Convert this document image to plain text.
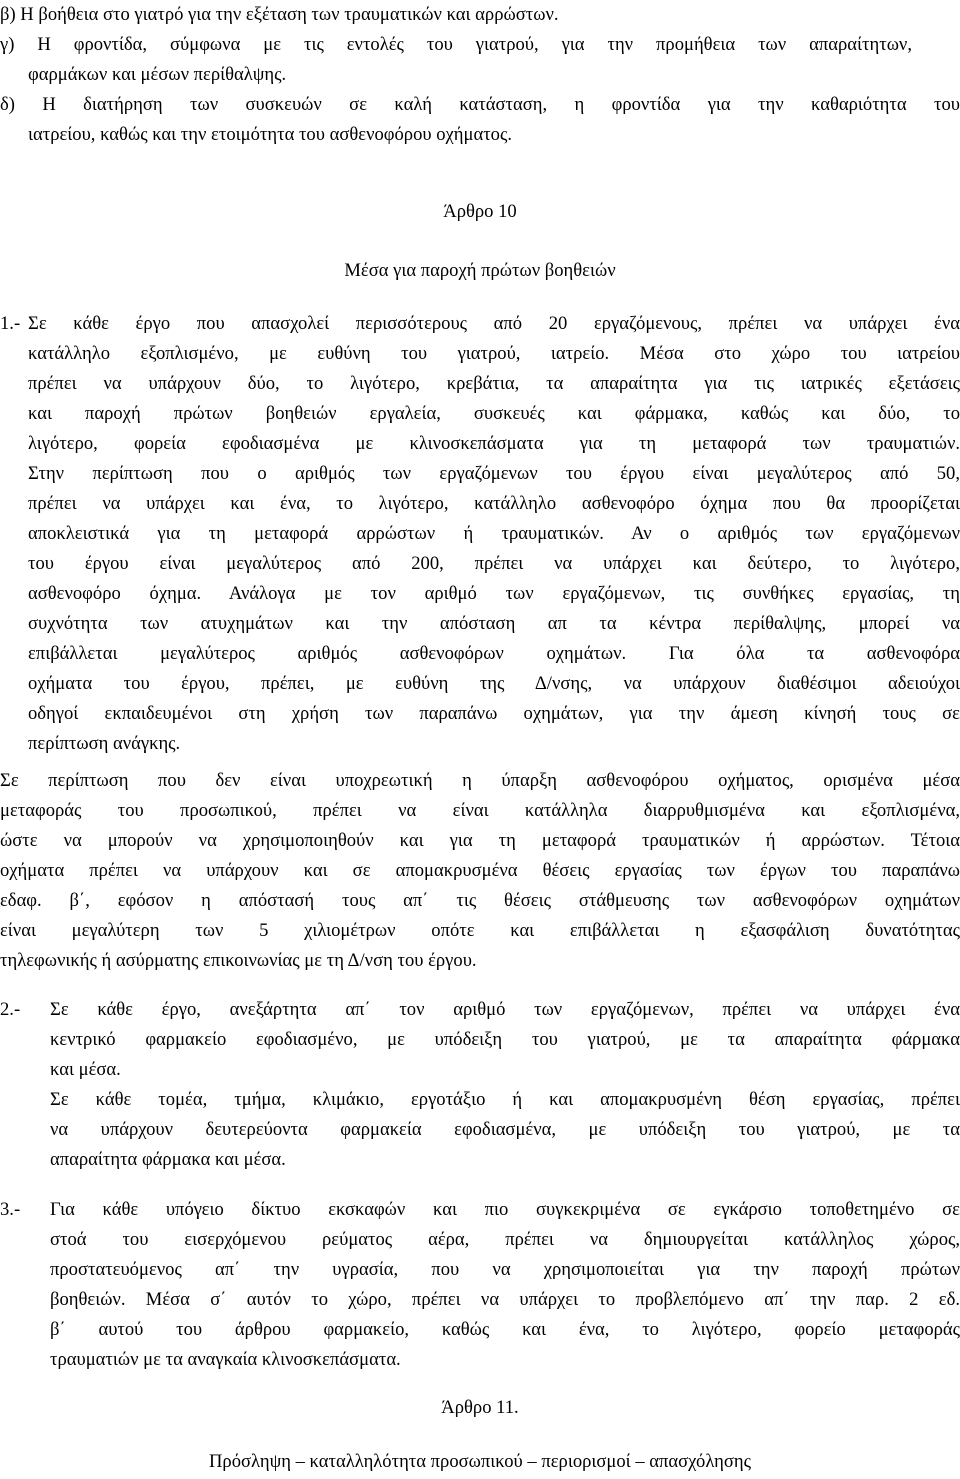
β) Η βοήθεια στο γιατρό για την εξέταση των τραυματικών και αρρώστων.
γ) Η φροντίδα, σύμφωνα με τις εντολές του γιατρού, για την προμήθεια των απαραίτητων,
φαρμάκων και μέσων περίθαλψης.
δ) Η διατήρηση των συσκευών σε καλή κατάσταση, η φροντίδα για την καθαριότητα του
ιατρείου, καθώς και την ετοιμότητα του ασθενοφόρου οχήματος.
Άρθρο 10
Μέσα για παροχή πρώτων βοηθειών
1.- Σε κάθε έργο που απασχολεί περισσότερους από 20 εργαζόμενους, πρέπει να υπάρχει ένα
κατάλληλο εξοπλισμένο, με ευθύνη του γιατρού, ιατρείο. Μέσα στο χώρο του ιατρείου
πρέπει να υπάρχουν δύο, το λιγότερο, κρεβάτια, τα απαραίτητα για τις ιατρικές εξετάσεις
και παροχή πρώτων βοηθειών εργαλεία, συσκευές και φάρμακα, καθώς και δύο, το
λιγότερο, φορεία εφοδιασμένα με κλινοσκεπάσματα για τη μεταφορά των τραυματιών.
Στην περίπτωση που ο αριθμός των εργαζόμενων του έργου είναι μεγαλύτερος από 50,
πρέπει να υπάρχει και ένα, το λιγότερο, κατάλληλο ασθενοφόρο όχημα που θα προορίζεται
αποκλειστικά για τη μεταφορά αρρώστων ή τραυματικών. Αν ο αριθμός των εργαζόμενων
του έργου είναι μεγαλύτερος από 200, πρέπει να υπάρχει και δεύτερο, το λιγότερο,
ασθενοφόρο όχημα. Ανάλογα με τον αριθμό των εργαζόμενων, τις συνθήκες εργασίας, τη
συχνότητα των ατυχημάτων και την απόσταση απ τα κέντρα περίθαλψης, μπορεί να
επιβάλλεται μεγαλύτερος αριθμός ασθενοφόρων οχημάτων. Για όλα τα ασθενοφόρα
οχήματα του έργου, πρέπει, με ευθύνη της Δ/νσης, να υπάρχουν διαθέσιμοι αδειούχοι
οδηγοί εκπαιδευμένοι στη χρήση των παραπάνω οχημάτων, για την άμεση κίνησή τους σε
περίπτωση ανάγκης.
Σε περίπτωση που δεν είναι υποχρεωτική η ύπαρξη ασθενοφόρου οχήματος, ορισμένα μέσα
μεταφοράς του προσωπικού, πρέπει να είναι κατάλληλα διαρρυθμισμένα και εξοπλισμένα,
ώστε να μπορούν να χρησιμοποιηθούν και για τη μεταφορά τραυματικών ή αρρώστων. Τέτοια
οχήματα πρέπει να υπάρχουν και σε απομακρυσμένα θέσεις εργασίας των έργων του παραπάνω
εδαφ. β΄, εφόσον η απόστασή τους απ΄ τις θέσεις στάθμευσης των ασθενοφόρων οχημάτων
είναι μεγαλύτερη των 5 χιλιομέτρων οπότε και επιβάλλεται η εξασφάλιση δυνατότητας
τηλεφωνικής ή ασύρματης επικοινωνίας με τη Δ/νση του έργου.
2.- Σε κάθε έργο, ανεξάρτητα απ΄ τον αριθμό των εργαζόμενων, πρέπει να υπάρχει ένα
κεντρικό φαρμακείο εφοδιασμένο, με υπόδειξη του γιατρού, με τα απαραίτητα φάρμακα
και μέσα.
Σε κάθε τομέα, τμήμα, κλιμάκιο, εργοτάξιο ή και απομακρυσμένη θέση εργασίας, πρέπει
να υπάρχουν δευτερεύοντα φαρμακεία εφοδιασμένα, με υπόδειξη του γιατρού, με τα
απαραίτητα φάρμακα και μέσα.
3.- Για κάθε υπόγειο δίκτυο εκσκαφών και πιο συγκεκριμένα σε εγκάρσιο τοποθετημένο σε
στοά του εισερχόμενου ρεύματος αέρα, πρέπει να δημιουργείται κατάλληλος χώρος,
προστατευόμενος απ΄ την υγρασία, που να χρησιμοποιείται για την παροχή πρώτων
βοηθειών. Μέσα σ΄ αυτόν το χώρο, πρέπει να υπάρχει το προβλεπόμενο απ΄ την παρ. 2 εδ.
β΄ αυτού του άρθρου φαρμακείο, καθώς και ένα, το λιγότερο, φορείο μεταφοράς
τραυματιών με τα αναγκαία κλινοσκεπάσματα.
Άρθρο 11.
Πρόσληψη – καταλληλότητα προσωπικού – περιορισμοί – απασχόλησης
